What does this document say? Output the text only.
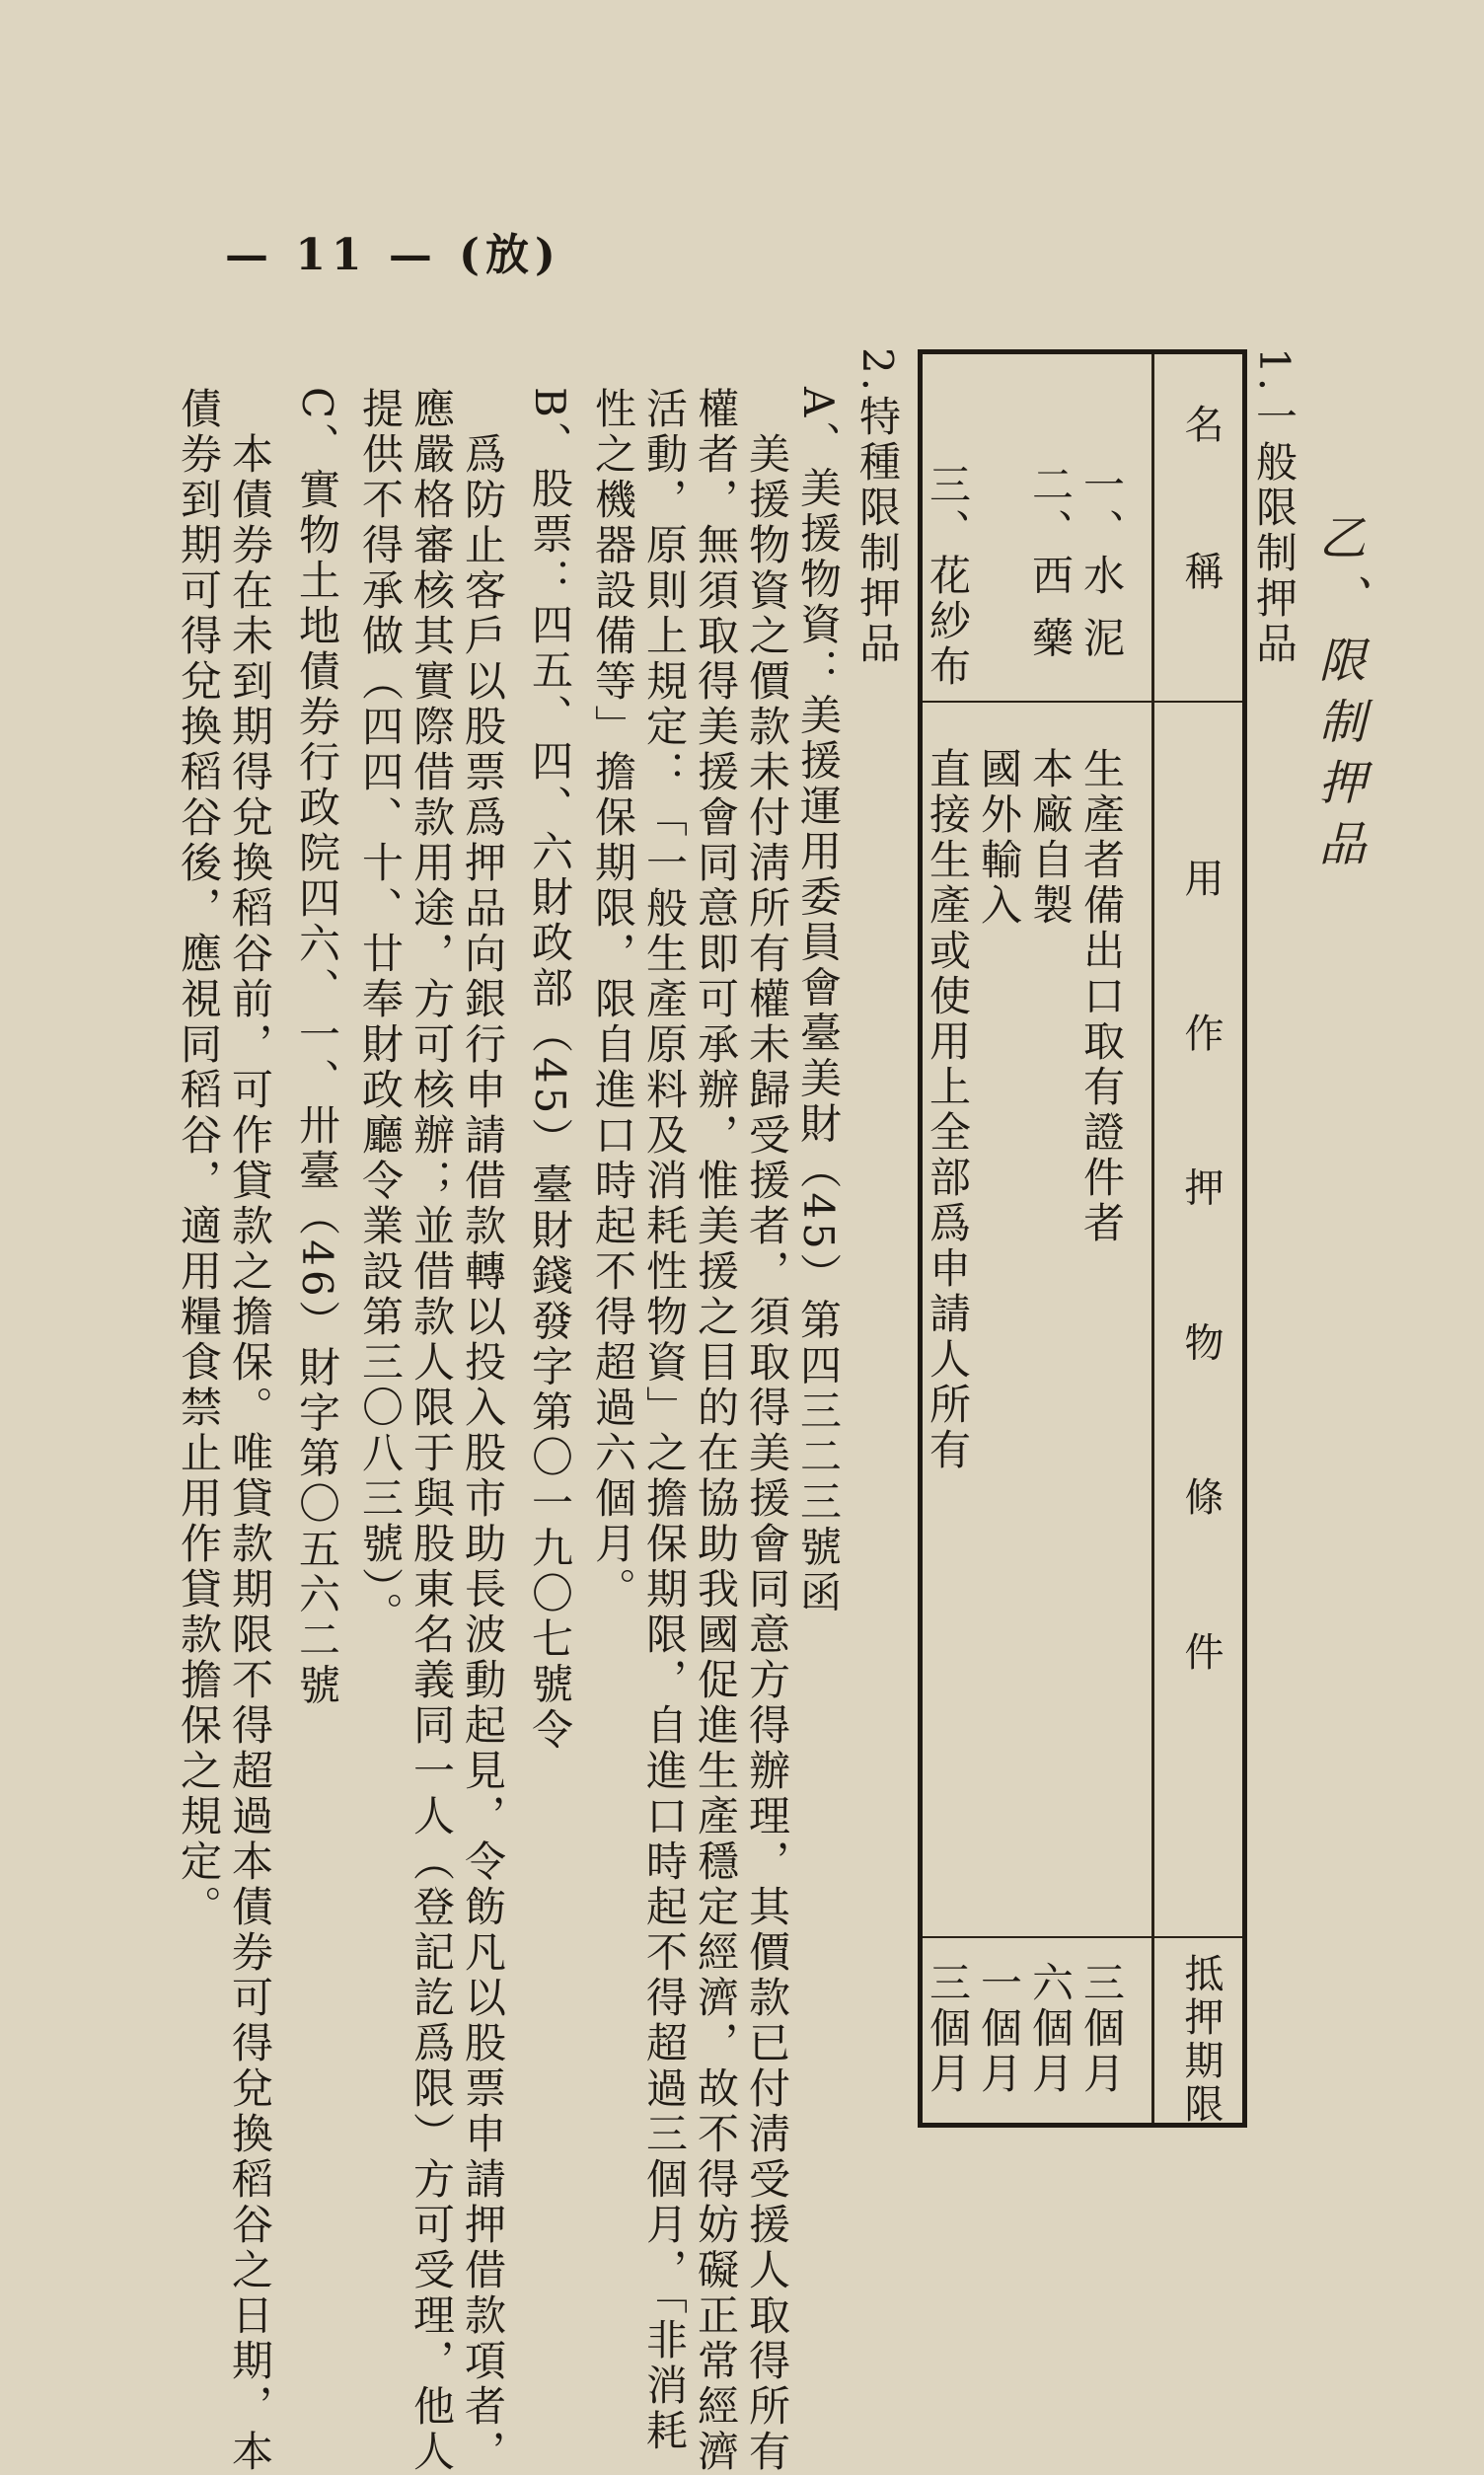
— 11 — (放)
乙、限制押品
1.一般限制押品
名 稱
用 作 押 物 條 件
抵押期限
一、水 泥
生產者備出口取有證件者
三個月
二、西 藥
本廠自製
六個月
國外輸入
一個月
三、花紗布
直接生產或使用上全部爲申請人所有
三個月
2.特種限制押品
A、美援物資：美援運用委員會臺美財（45）第四三二三號函
　美援物資之價款未付淸所有權未歸受援者，須取得美援會同意方得辦理，其價款已付淸受援人取得所有
權者，無須取得美援會同意即可承辦，惟美援之目的在協助我國促進生產穩定經濟，故不得妨礙正常經濟
活動，原則上規定：「一般生產原料及消耗性物資」之擔保期限，自進口時起不得超過三個月，「非消耗
性之機器設備等」擔保期限，限自進口時起不得超過六個月。
B、股票：四五、四、六財政部（45）臺財錢發字第〇一九〇七號令
　爲防止客戶以股票爲押品向銀行申請借款轉以投入股市助長波動起見，令飭凡以股票申請押借款項者，
應嚴格審核其實際借款用途，方可核辦；並借款人限于與股東名義同一人（登記訖爲限）方可受理，他人
提供不得承做（四四、十、廿奉財政廳令業設第三〇八三號）。
C、實物土地債券行政院四六、一、卅臺（46）財字第〇五六二號
　本債券在未到期得兌換稻谷前，可作貸款之擔保。唯貸款期限不得超過本債券可得兌換稻谷之日期，本
債券到期可得兌換稻谷後，應視同稻谷，適用糧食禁止用作貸款擔保之規定。
